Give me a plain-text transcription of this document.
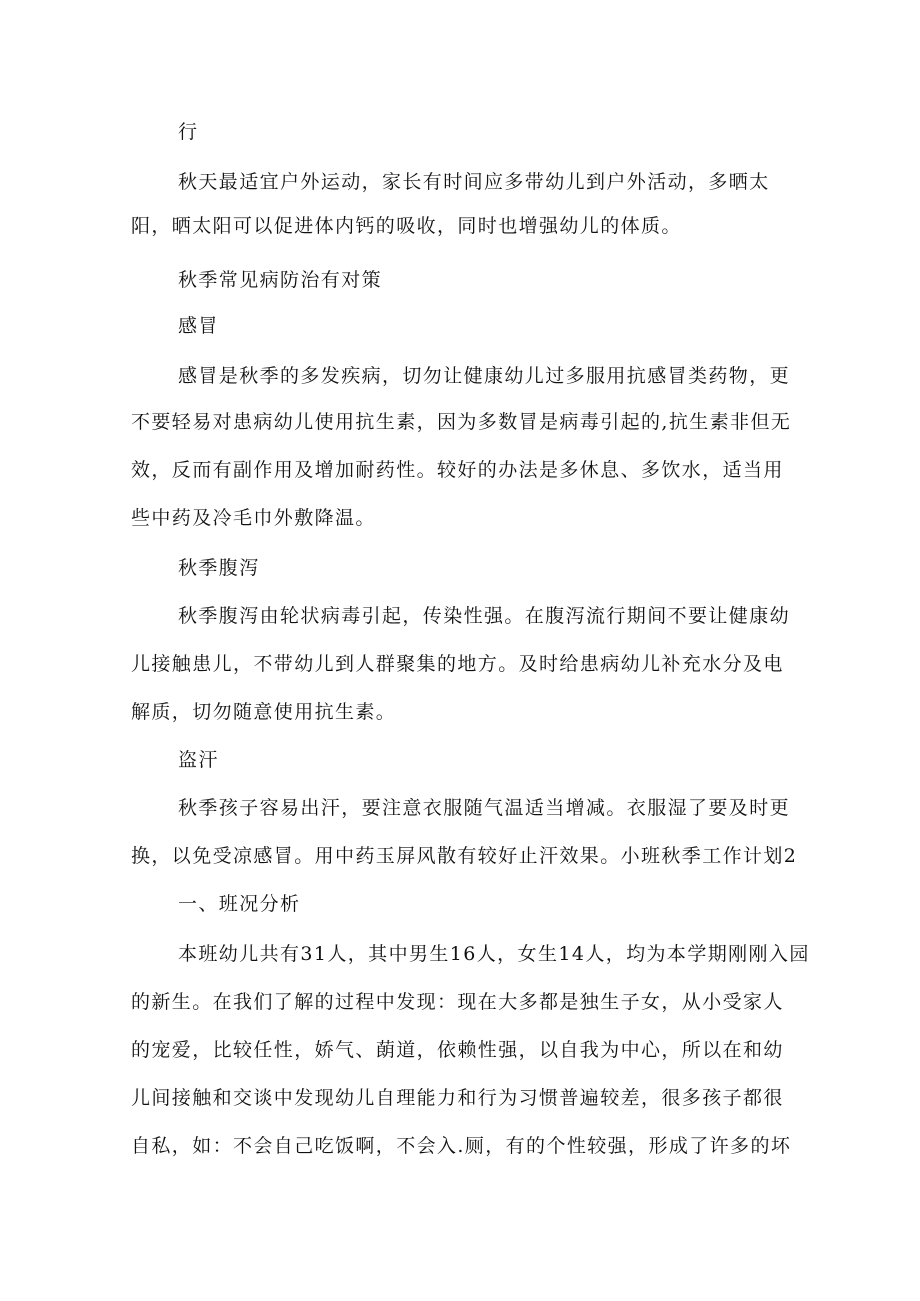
行
秋天最适宜户外运动，家长有时间应多带幼儿到户外活动，多晒太
阳，晒太阳可以促进体内钙的吸收，同时也增强幼儿的体质。
秋季常见病防治有对策
感冒
感冒是秋季的多发疾病，切勿让健康幼儿过多服用抗感冒类药物，更
不要轻易对患病幼儿使用抗生素，因为多数冒是病毒引起的,抗生素非但无
效，反而有副作用及增加耐药性。较好的办法是多休息、多饮水，适当用
些中药及冷毛巾外敷降温。
秋季腹泻
秋季腹泻由轮状病毒引起，传染性强。在腹泻流行期间不要让健康幼
儿接触患儿，不带幼儿到人群聚集的地方。及时给患病幼儿补充水分及电
解质，切勿随意使用抗生素。
盗汗
秋季孩子容易出汗，要注意衣服随气温适当增减。衣服湿了要及时更
换，以免受凉感冒。用中药玉屏风散有较好止汗效果。小班秋季工作计划2
一、班况分析
本班幼儿共有31人，其中男生16人，女生14人，均为本学期刚刚入园
的新生。在我们了解的过程中发现：现在大多都是独生子女，从小受家人
的宠爱，比较任性，娇气、蓢道，依赖性强，以自我为中心，所以在和幼
儿间接触和交谈中发现幼儿自理能力和行为习惯普遍较差，很多孩子都很
自私，如：不会自己吃饭啊，不会入.厕，有的个性较强，形成了许多的坏
